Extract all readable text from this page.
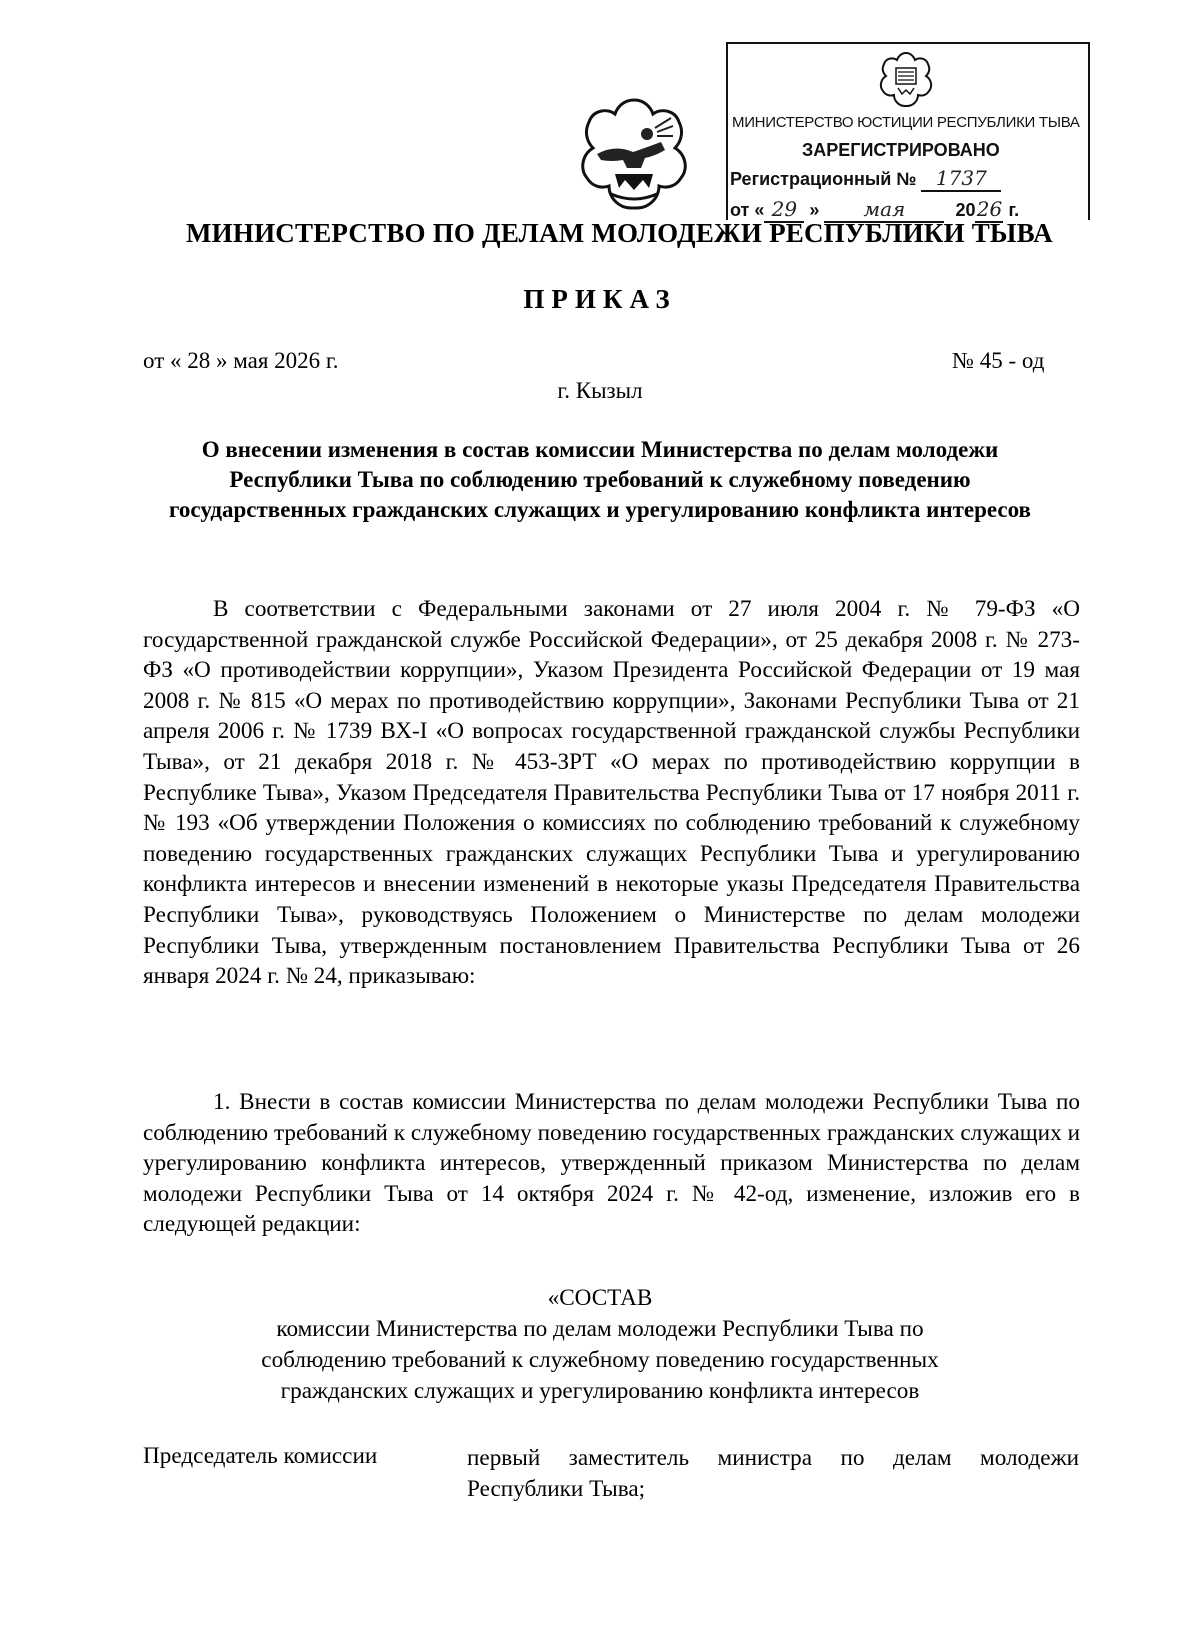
МИНИСТЕРСТВО ЮСТИЦИИ РЕСПУБЛИКИ ТЫВА
ЗАРЕГИСТРИРОВАНО
Регистрационный № 1737
от « 29 » мая	2026 г.
МИНИСТЕРСТВО ПО ДЕЛАМ МОЛОДЕЖИ РЕСПУБЛИКИ ТЫВА
ПРИКАЗ
от « 28 » мая 2026 г.	№ 45 - од
г. Кызыл
О внесении изменения в состав комиссии Министерства по делам молодежи Республики Тыва по соблюдению требований к служебному поведению государственных гражданских служащих и урегулированию конфликта интересов
В соответствии с Федеральными законами от 27 июля 2004 г. № 79-ФЗ «О государственной гражданской службе Российской Федерации», от 25 декабря 2008 г. № 273-ФЗ «О противодействии коррупции», Указом Президента Российской Федерации от 19 мая 2008 г. № 815 «О мерах по противодействию коррупции», Законами Республики Тыва от 21 апреля 2006 г. № 1739 ВХ-I «О вопросах государственной гражданской службы Республики Тыва», от 21 декабря 2018 г. № 453-ЗРТ «О мерах по противодействию коррупции в Республике Тыва», Указом Председателя Правительства Республики Тыва от 17 ноября 2011 г. № 193 «Об утверждении Положения о комиссиях по соблюдению требований к служебному поведению государственных гражданских служащих Республики Тыва и урегулированию конфликта интересов и внесении изменений в некоторые указы Председателя Правительства Республики Тыва», руководствуясь Положением о Министерстве по делам молодежи Республики Тыва, утвержденным постановлением Правительства Республики Тыва от 26 января 2024 г. № 24, приказываю:
1. Внести в состав комиссии Министерства по делам молодежи Республики Тыва по соблюдению требований к служебному поведению государственных гражданских служащих и урегулированию конфликта интересов, утвержденный приказом Министерства по делам молодежи Республики Тыва от 14 октября 2024 г. № 42-од, изменение, изложив его в следующей редакции:
«СОСТАВ
комиссии Министерства по делам молодежи Республики Тыва по
соблюдению требований к служебному поведению государственных
гражданских служащих и урегулированию конфликта интересов
Председатель комиссии	первый заместитель министра по делам молодежи Республики Тыва;
